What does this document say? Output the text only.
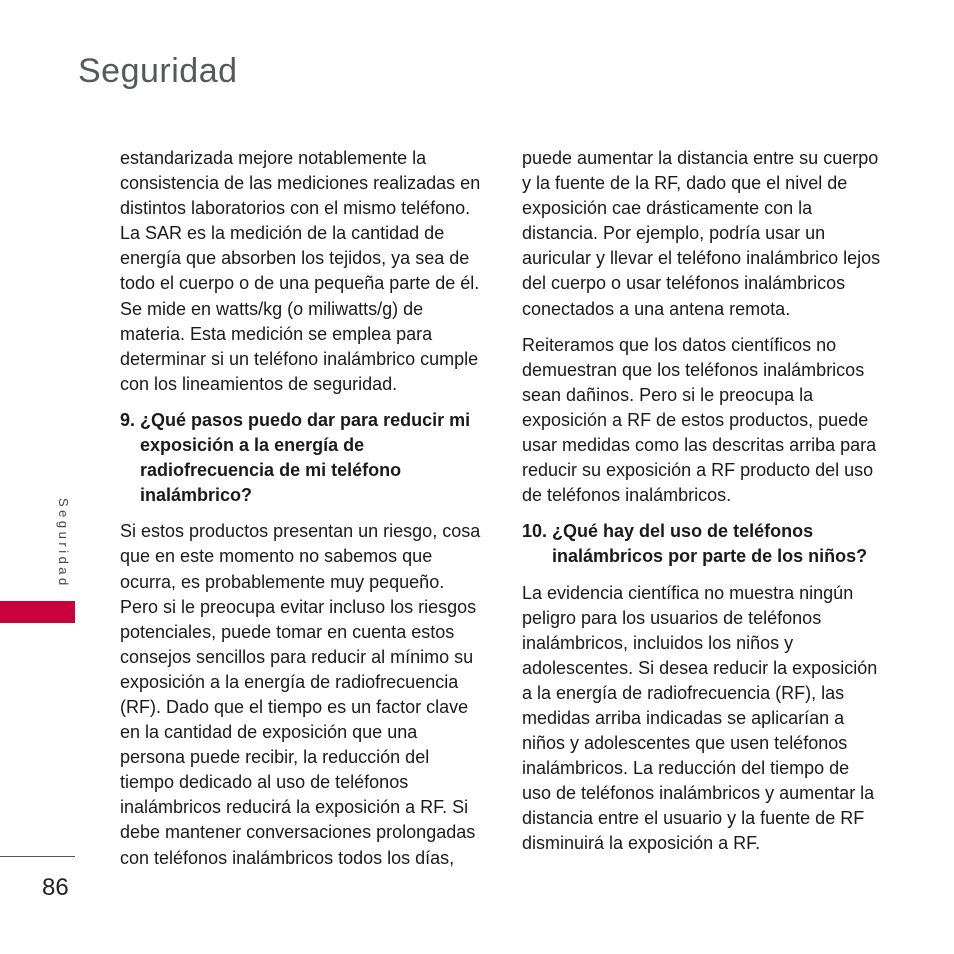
Seguridad

estandarizada mejore notablemente la consistencia de las mediciones realizadas en distintos laboratorios con el mismo teléfono. La SAR es la medición de la cantidad de energía que absorben los tejidos, ya sea de todo el cuerpo o de una pequeña parte de él. Se mide en watts/kg (o miliwatts/g) de materia. Esta medición se emplea para determinar si un teléfono inalámbrico cumple con los lineamientos de seguridad.

9. ¿Qué pasos puedo dar para reducir mi exposición a la energía de radiofrecuencia de mi teléfono inalámbrico?

Si estos productos presentan un riesgo, cosa que en este momento no sabemos que ocurra, es probablemente muy pequeño. Pero si le preocupa evitar incluso los riesgos potenciales, puede tomar en cuenta estos consejos sencillos para reducir al mínimo su exposición a la energía de radiofrecuencia (RF). Dado que el tiempo es un factor clave en la cantidad de exposición que una persona puede recibir, la reducción del tiempo dedicado al uso de teléfonos inalámbricos reducirá la exposición a RF. Si debe mantener conversaciones prolongadas con teléfonos inalámbricos todos los días,

puede aumentar la distancia entre su cuerpo y la fuente de la RF, dado que el nivel de exposición cae drásticamente con la distancia. Por ejemplo, podría usar un auricular y llevar el teléfono inalámbrico lejos del cuerpo o usar teléfonos inalámbricos conectados a una antena remota.

Reiteramos que los datos científicos no demuestran que los teléfonos inalámbricos sean dañinos. Pero si le preocupa la exposición a RF de estos productos, puede usar medidas como las descritas arriba para reducir su exposición a RF producto del uso de teléfonos inalámbricos.

10. ¿Qué hay del uso de teléfonos inalámbricos por parte de los niños?

La evidencia científica no muestra ningún peligro para los usuarios de teléfonos inalámbricos, incluidos los niños y adolescentes. Si desea reducir la exposición a la energía de radiofrecuencia (RF), las medidas arriba indicadas se aplicarían a niños y adolescentes que usen teléfonos inalámbricos. La reducción del tiempo de uso de teléfonos inalámbricos y aumentar la distancia entre el usuario y la fuente de RF disminuirá la exposición a RF.

Seguridad
86
